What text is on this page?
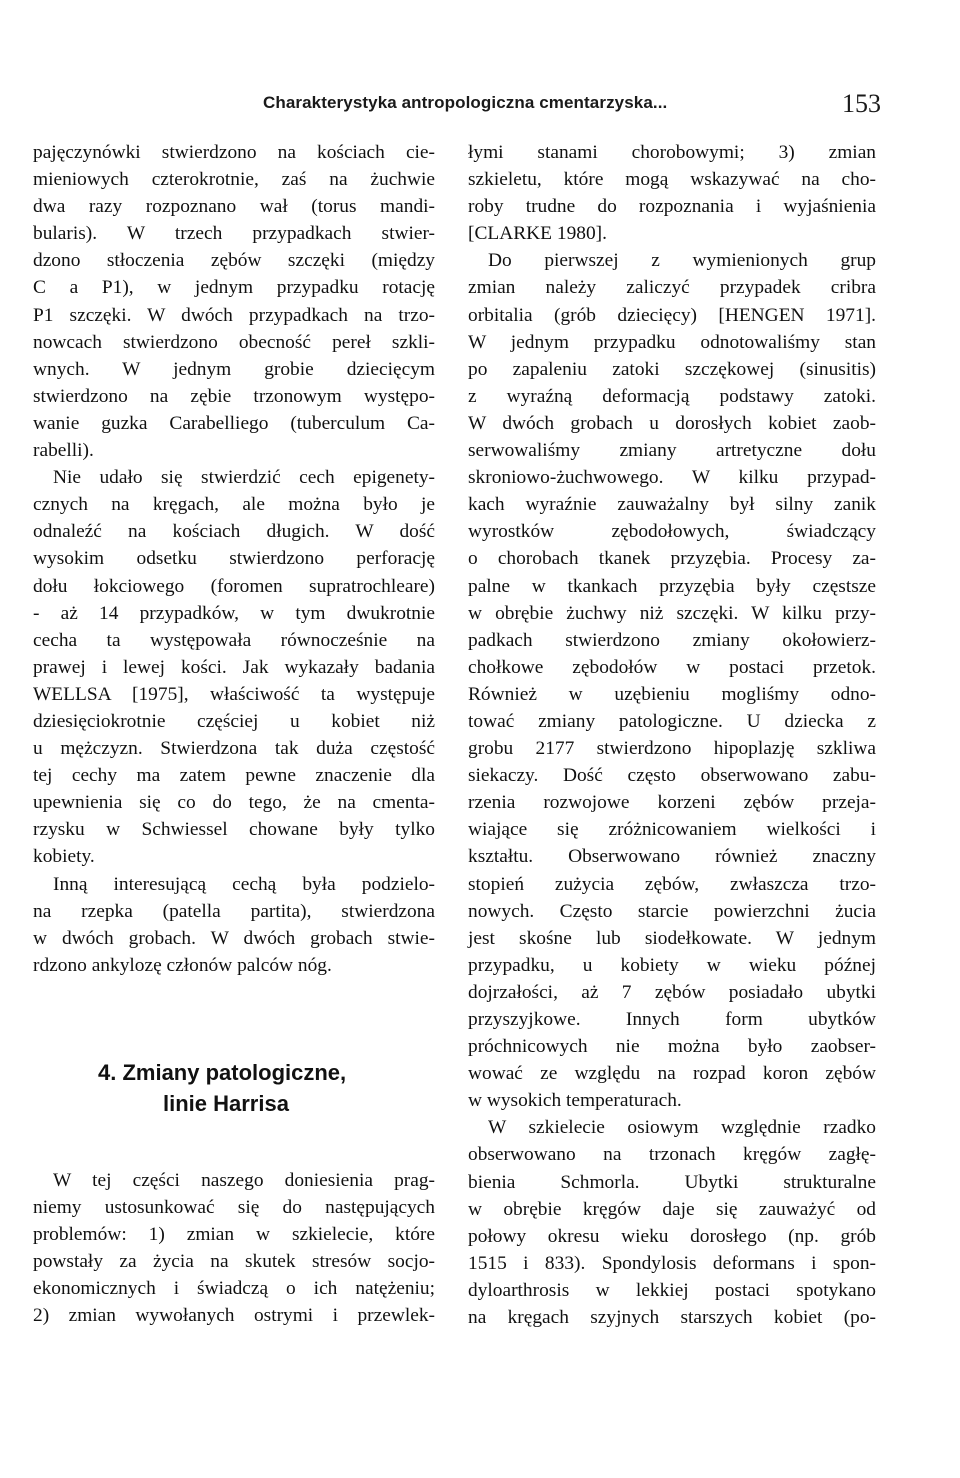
Charakterystyka antropologiczna cmentarzyska...	153
pajęczynówki stwierdzono na kościach cie-
mieniowych czterokrotnie, zaś na żuchwie
dwa razy rozpoznano wał (torus mandi-
bularis). W trzech przypadkach stwier-
dzono stłoczenia zębów szczęki (między
C a P1), w jednym przypadku rotację
P1 szczęki. W dwóch przypadkach na trzo-
nowcach stwierdzono obecność pereł szkli-
wnych. W jednym grobie dziecięcym
stwierdzono na zębie trzonowym występo-
wanie guzka Carabelliego (tuberculum Ca-
rabelli).
Nie udało się stwierdzić cech epigenety-
cznych na kręgach, ale można było je
odnaleźć na kościach długich. W dość
wysokim odsetku stwierdzono perforację
dołu łokciowego (foromen supratrochleare)
- aż 14 przypadków, w tym dwukrotnie
cecha ta występowała równocześnie na
prawej i lewej kości. Jak wykazały badania
WELLSA [1975], właściwość ta występuje
dziesięciokrotnie częściej u kobiet niż
u mężczyzn. Stwierdzona tak duża częstość
tej cechy ma zatem pewne znaczenie dla
upewnienia się co do tego, że na cmenta-
rzysku w Schwiessel chowane były tylko
kobiety.
Inną interesującą cechą była podzielo-
na rzepka (patella partita), stwierdzona
w dwóch grobach. W dwóch grobach stwie-
rdzono ankylozę członów palców nóg.
4. Zmiany patologiczne,
linie Harrisa
W tej części naszego doniesienia prag-
niemy ustosunkować się do następujących
problemów: 1) zmian w szkielecie, które
powstały za życia na skutek stresów socjo-
ekonomicznych i świadczą o ich natężeniu;
2) zmian wywołanych ostrymi i przewlek-
łymi stanami chorobowymi; 3) zmian
szkieletu, które mogą wskazywać na cho-
roby trudne do rozpoznania i wyjaśnienia
[CLARKE 1980].
Do pierwszej z wymienionych grup
zmian należy zaliczyć przypadek cribra
orbitalia (grób dziecięcy) [HENGEN 1971].
W jednym przypadku odnotowaliśmy stan
po zapaleniu zatoki szczękowej (sinusitis)
z wyraźną deformacją podstawy zatoki.
W dwóch grobach u dorosłych kobiet zaob-
serwowaliśmy zmiany artretyczne dołu
skroniowo-żuchwowego. W kilku przypad-
kach wyraźnie zauważalny był silny zanik
wyrostków zębodołowych, świadczący
o chorobach tkanek przyzębia. Procesy za-
palne w tkankach przyzębia były częstsze
w obrębie żuchwy niż szczęki. W kilku przy-
padkach stwierdzono zmiany okołowierz-
chołkowe zębodołów w postaci przetok.
Również w uzębieniu mogliśmy odno-
tować zmiany patologiczne. U dziecka z
grobu 2177 stwierdzono hipoplazję szkliwa
siekaczy. Dość często obserwowano zabu-
rzenia rozwojowe korzeni zębów przeja-
wiające się zróżnicowaniem wielkości i
kształtu. Obserwowano również znaczny
stopień zużycia zębów, zwłaszcza trzo-
nowych. Często starcie powierzchni żucia
jest skośne lub siodełkowate. W jednym
przypadku, u kobiety w wieku późnej
dojrzałości, aż 7 zębów posiadało ubytki
przyszyjkowe. Innych form ubytków
próchnicowych nie można było zaobser-
wować ze względu na rozpad koron zębów
w wysokich temperaturach.
W szkielecie osiowym względnie rzadko
obserwowano na trzonach kręgów zagłę-
bienia Schmorla. Ubytki strukturalne
w obrębie kręgów daje się zauważyć od
połowy okresu wieku dorosłego (np. grób
1515 i 833). Spondylosis deformans i spon-
dyloarthrosis w lekkiej postaci spotykano
na kręgach szyjnych starszych kobiet (po-
